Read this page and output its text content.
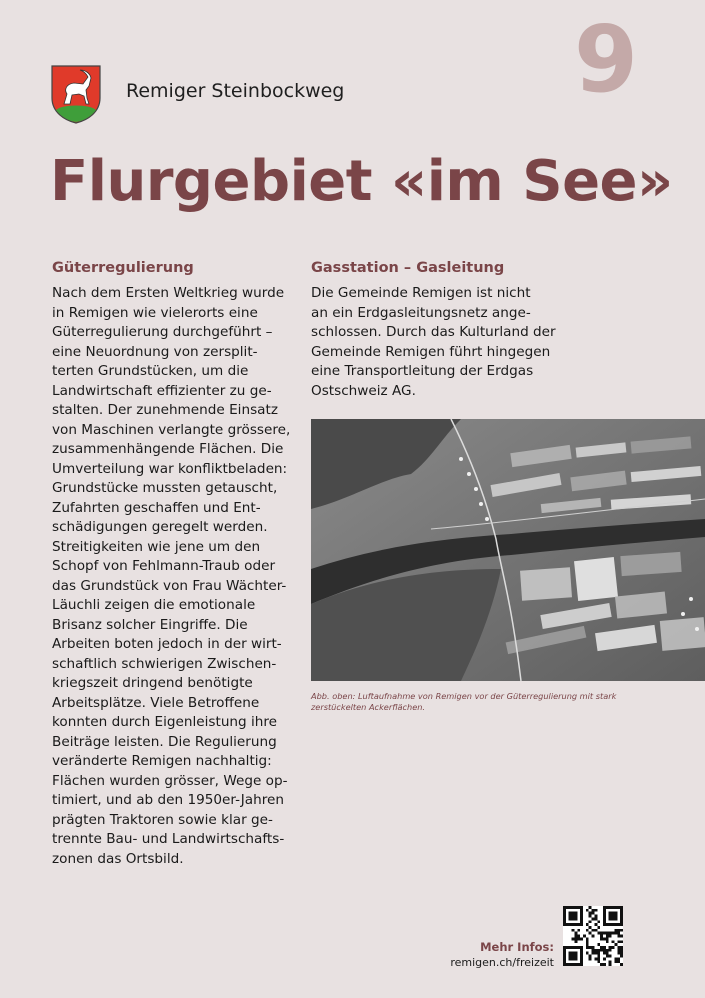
Remiger Steinbockweg 9
Flurgebiet «im See»
Güterregulierung

Nach dem Ersten Weltkrieg wurde
in Remigen wie vielerorts eine
Güterregulierung durchgeführt –
eine Neuordnung von zersplit-
terten Grundstücken, um die
Landwirtschaft effizienter zu ge-
stalten. Der zunehmende Einsatz
von Maschinen verlangte grössere,
zusammenhängende Flächen. Die
Umverteilung war konfliktbeladen:
Grundstücke mussten getauscht,
Zufahrten geschaffen und Ent-
schädigungen geregelt werden.
Streitigkeiten wie jene um den
Schopf von Fehlmann-Traub oder
das Grundstück von Frau Wächter-
Läuchli zeigen die emotionale
Brisanz solcher Eingriffe. Die
Arbeiten boten jedoch in der wirt-
schaftlich schwierigen Zwischen-
kriegszeit dringend benötigte
Arbeitsplätze. Viele Betroffene
konnten durch Eigenleistung ihre
Beiträge leisten. Die Regulierung
veränderte Remigen nachhaltig:
Flächen wurden grösser, Wege op-
timiert, und ab den 1950er-Jahren
prägten Traktoren sowie klar ge-
trennte Bau- und Landwirtschafts-
zonen das Ortsbild.

Gasstation – Gasleitung

Die Gemeinde Remigen ist nicht
an ein Erdgasleitungsnetz ange-
schlossen. Durch das Kulturland der
Gemeinde Remigen führt hingegen
eine Transportleitung der Erdgas
Ostschweiz AG.

Abb. oben: Luftaufnahme von Remigen vor der Güterregulierung mit stark
zerstückelten Ackerflächen.
Mehr Infos:
remigen.ch/freizeit
